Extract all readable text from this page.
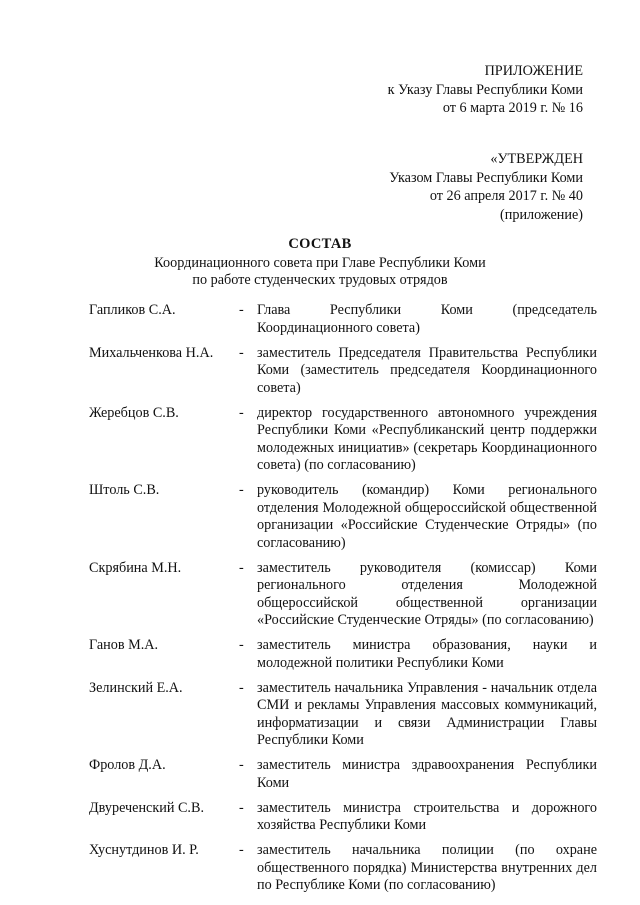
ПРИЛОЖЕНИЕ
к Указу Главы Республики Коми
от 6 марта 2019 г. № 16
«УТВЕРЖДЕН
Указом Главы Республики Коми
от 26 апреля 2017 г. № 40
(приложение)
СОСТАВ
Координационного совета при Главе Республики Коми
по работе студенческих трудовых отрядов
Гапликов С.А.	- Глава Республики Коми (председатель Координационного совета)
Михальченкова Н.А.	- заместитель Председателя Правительства Республики Коми (заместитель председателя Координационного совета)
Жеребцов С.В.	- директор государственного автономного учреждения Республики Коми «Республиканский центр поддержки молодежных инициатив» (секретарь Координационного совета) (по согласованию)
Штоль С.В.	- руководитель (командир) Коми регионального отделения Молодежной общероссийской общественной организации «Российские Студенческие Отряды» (по согласованию)
Скрябина М.Н.	- заместитель руководителя (комиссар) Коми регионального отделения Молодежной общероссийской общественной организации «Российские Студенческие Отряды» (по согласованию)
Ганов М.А.	- заместитель министра образования, науки и молодежной политики Республики Коми
Зелинский Е.А.	- заместитель начальника Управления - начальник отдела СМИ и рекламы Управления массовых коммуникаций, информатизации и связи Администрации Главы Республики Коми
Фролов Д.А.	- заместитель министра здравоохранения Республики Коми
Двуреченский С.В.	- заместитель министра строительства и дорожного хозяйства Республики Коми
Хуснутдинов И. Р.	- заместитель начальника полиции (по охране общественного порядка) Министерства внутренних дел по Республике Коми (по согласованию)
